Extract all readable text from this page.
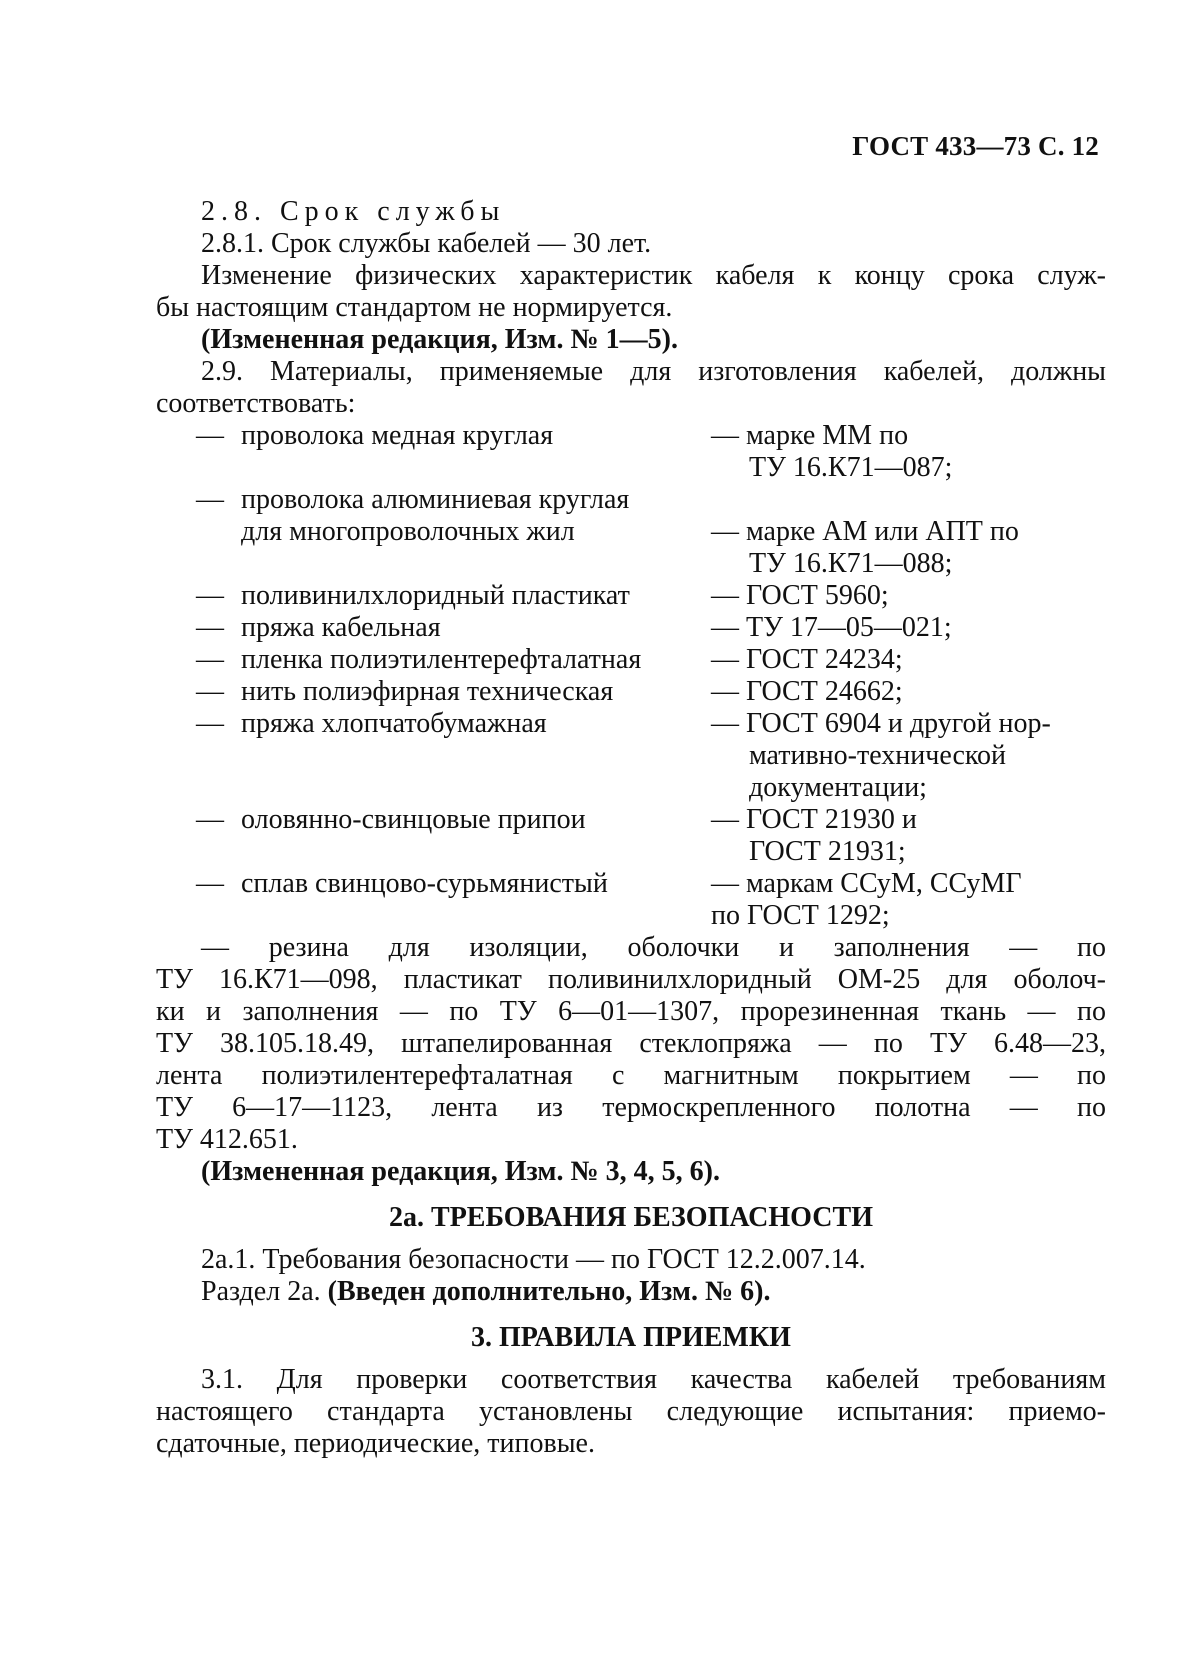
ГОСТ 433—73 С. 12
2.8. Срок службы
2.8.1. Срок службы кабелей — 30 лет.
Изменение физических характеристик кабеля к концу срока служ-
бы настоящим стандартом не нормируется.
(Измененная редакция, Изм. № 1—5).
2.9. Материалы, применяемые для изготовления кабелей, должны
соответствовать:
— проволока медная круглая	— марке ММ по
ТУ 16.К71—087;
— проволока алюминиевая круглая
для многопроволочных жил	— марке АМ или АПТ по
ТУ 16.К71—088;
— поливинилхлоридный пластикат	— ГОСТ 5960;
— пряжа кабельная	— ТУ 17—05—021;
— пленка полиэтилентерефталатная	— ГОСТ 24234;
— нить полиэфирная техническая	— ГОСТ 24662;
— пряжа хлопчатобумажная	— ГОСТ 6904 и другой нор-
мативно-технической
документации;
— оловянно-свинцовые припои	— ГОСТ 21930 и
ГОСТ 21931;
— сплав свинцово-сурьмянистый	— маркам ССуМ, ССуМГ
по ГОСТ 1292;
— резина для изоляции, оболочки и заполнения — по
ТУ 16.К71—098, пластикат поливинилхлоридный ОМ-25 для оболоч-
ки и заполнения — по ТУ 6—01—1307, прорезиненная ткань — по
ТУ 38.105.18.49, штапелированная стеклопряжа — по ТУ 6.48—23,
лента полиэтилентерефталатная с магнитным покрытием — по
ТУ 6—17—1123, лента из термоскрепленного полотна — по
ТУ 412.651.
(Измененная редакция, Изм. № 3, 4, 5, 6).
2а. ТРЕБОВАНИЯ БЕЗОПАСНОСТИ
2а.1. Требования безопасности — по ГОСТ 12.2.007.14.
Раздел 2а. (Введен дополнительно, Изм. № 6).
3. ПРАВИЛА ПРИЕМКИ
3.1. Для проверки соответствия качества кабелей требованиям
настоящего стандарта установлены следующие испытания: приемо-
сдаточные, периодические, типовые.
